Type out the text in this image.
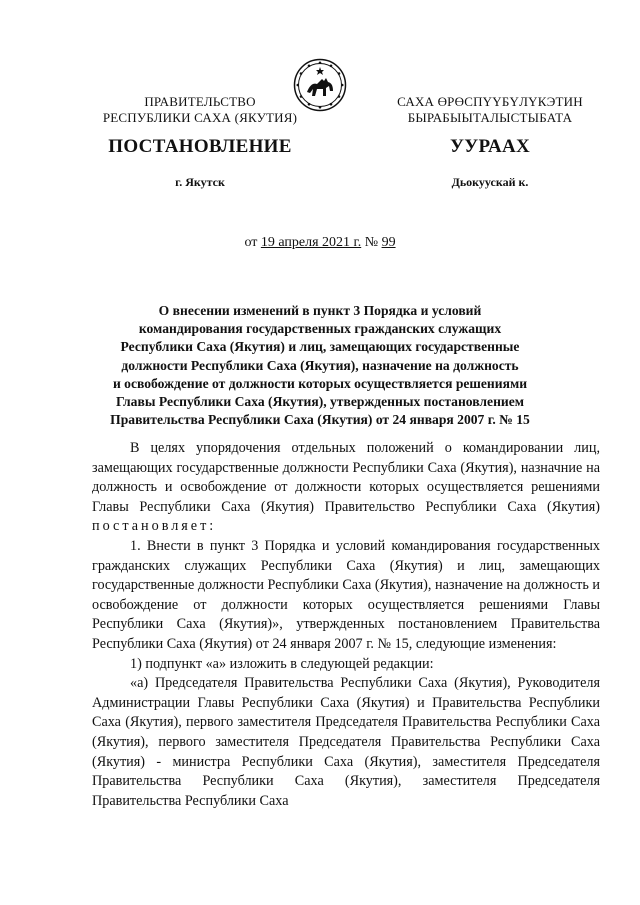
ПРАВИТЕЛЬСТВО
РЕСПУБЛИКИ САХА (ЯКУТИЯ)
САХА ӨРӨСПҮҮБҮЛҮКЭТИН
БЫРАБЫЫТАЛЫСТЫБАТА
ПОСТАНОВЛЕНИЕ	УУРААХ
г. Якутск	Дьокуускай к.
от 19 апреля 2021 г. № 99
О внесении изменений в пункт 3 Порядка и условий
командирования государственных гражданских служащих
Республики Саха (Якутия) и лиц, замещающих государственные
должности Республики Саха (Якутия), назначение на должность
и освобождение от должности которых осуществляется решениями
Главы Республики Саха (Якутия), утвержденных постановлением
Правительства Республики Саха (Якутия) от 24 января 2007 г. № 15

В целях упорядочения отдельных положений о командировании лиц, замещающих государственные должности Республики Саха (Якутия), назначние на должность и освобождение от должности которых осуществляется решениями Главы Республики Саха (Якутия) Правительство Республики Саха (Якутия) постановляет:

1. Внести в пункт 3 Порядка и условий командирования государственных гражданских служащих Республики Саха (Якутия) и лиц, замещающих государственные должности Республики Саха (Якутия), назначение на должность и освобождение от должности которых осуществляется решениями Главы Республики Саха (Якутия)», утвержденных постановлением Правительства Республики Саха (Якутия) от 24 января 2007 г. № 15, следующие изменения:

1) подпункт «а» изложить в следующей редакции:

«а) Председателя Правительства Республики Саха (Якутия), Руководителя Администрации Главы Республики Саха (Якутия) и Правительства Республики Саха (Якутия), первого заместителя Председателя Правительства Республики Саха (Якутия), первого заместителя Председателя Правительства Республики Саха (Якутия) - министра Республики Саха (Якутия), заместителя Председателя Правительства Республики Саха (Якутия), заместителя Председателя Правительства Республики Саха
